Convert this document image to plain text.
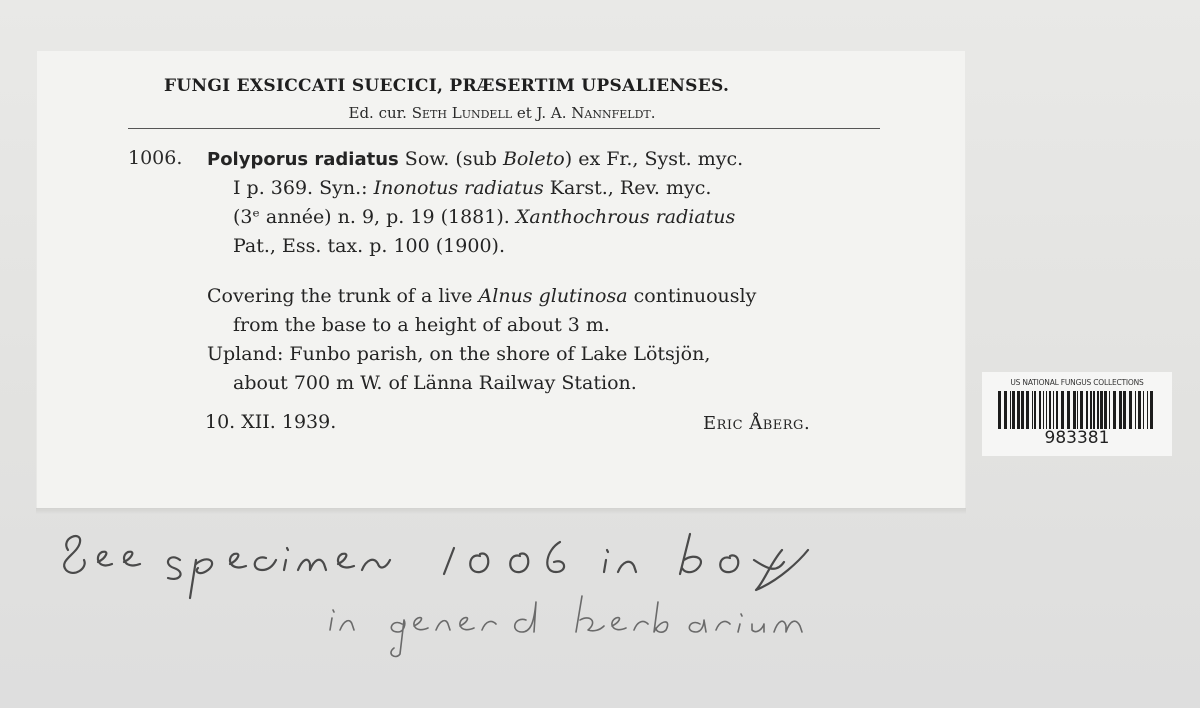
FUNGI EXSICCATI SUECICI, PRÆSERTIM UPSALIENSES.
Ed. cur. Seth Lundell et J. A. Nannfeldt.
1006. Polyporus radiatus Sow. (sub Boleto) ex Fr., Syst. myc.
I p. 369. Syn.: Inonotus radiatus Karst., Rev. myc.
(3ᵉ année) n. 9, p. 19 (1881). Xanthochrous radiatus
Pat., Ess. tax. p. 100 (1900).
Covering the trunk of a live Alnus glutinosa continuously
from the base to a height of about 3 m.
Upland: Funbo parish, on the shore of Lake Lötsjön,
about 700 m W. of Länna Railway Station.
10. XII. 1939.	Eric Åberg.
US NATIONAL FUNGUS COLLECTIONS
983381
